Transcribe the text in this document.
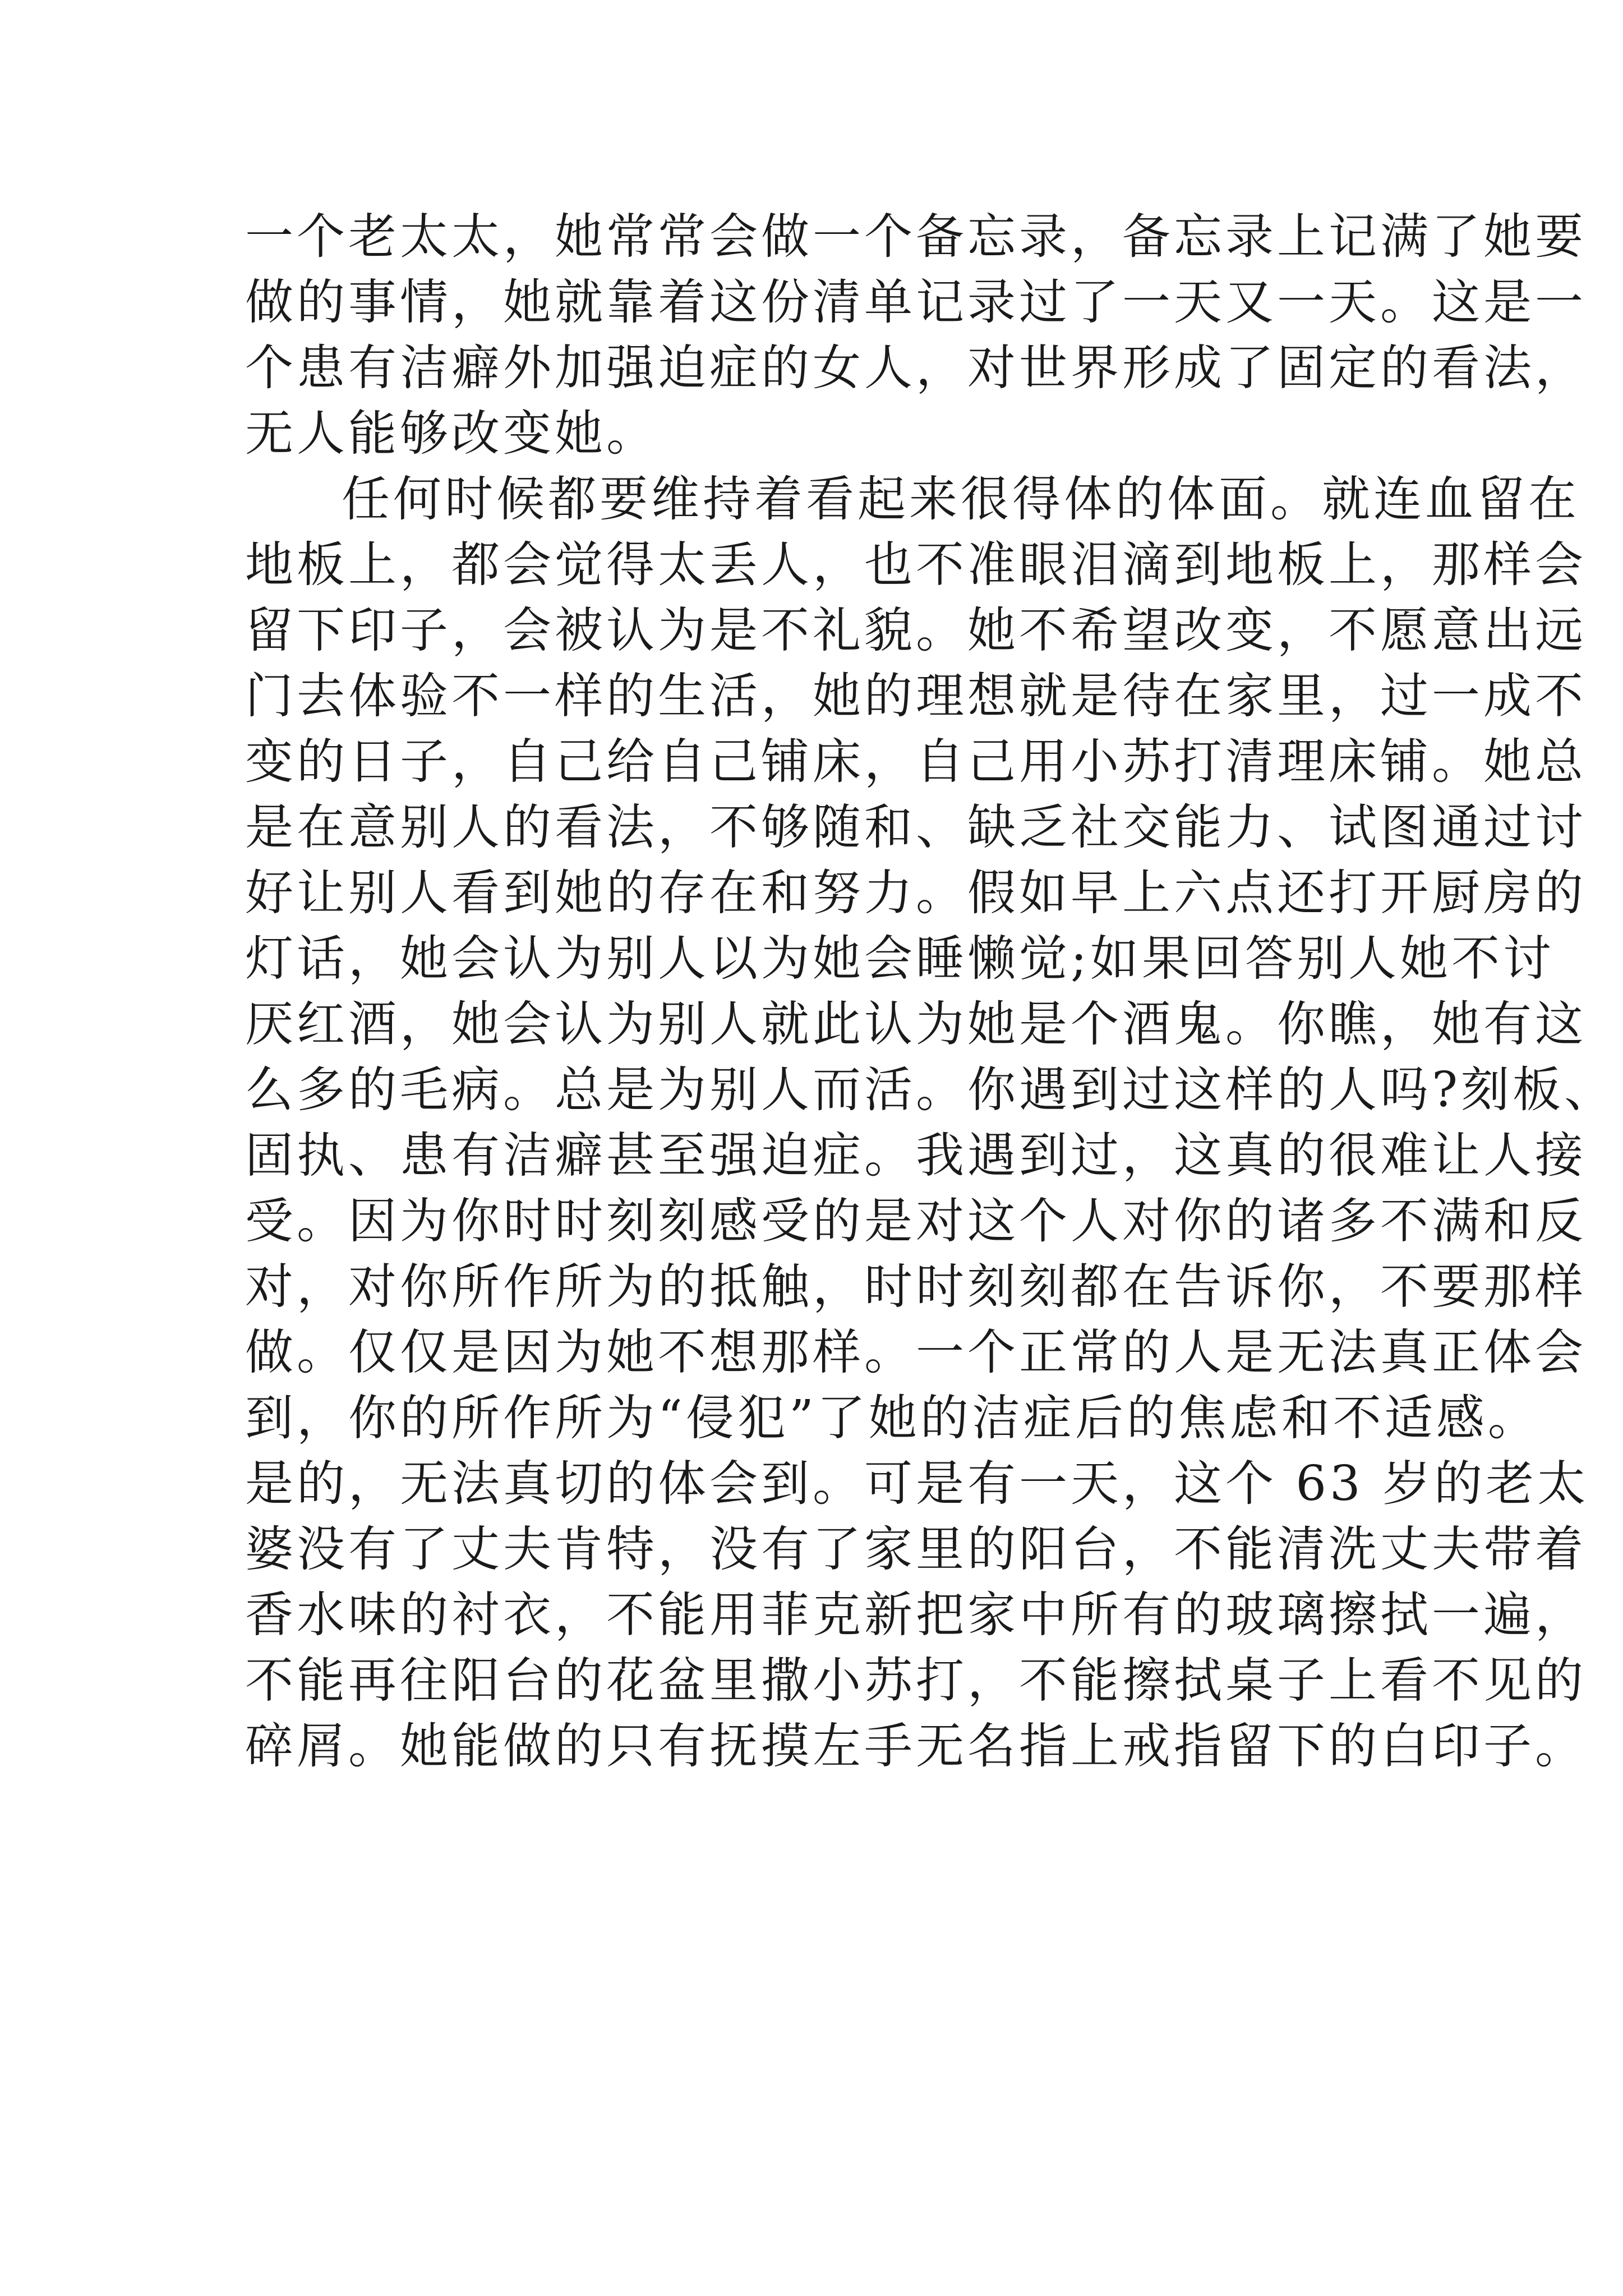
一个老太太，她常常会做一个备忘录，备忘录上记满了她要
做的事情，她就靠着这份清单记录过了一天又一天。这是一
个患有洁癖外加强迫症的女人，对世界形成了固定的看法，
无人能够改变她。
任何时候都要维持着看起来很得体的体面。就连血留在
地板上，都会觉得太丢人，也不准眼泪滴到地板上，那样会
留下印子，会被认为是不礼貌。她不希望改变，不愿意出远
门去体验不一样的生活，她的理想就是待在家里，过一成不
变的日子，自己给自己铺床，自己用小苏打清理床铺。她总
是在意别人的看法，不够随和、缺乏社交能力、试图通过讨
好让别人看到她的存在和努力。假如早上六点还打开厨房的
灯话，她会认为别人以为她会睡懒觉;如果回答别人她不讨
厌红酒，她会认为别人就此认为她是个酒鬼。你瞧，她有这
么多的毛病。总是为别人而活。你遇到过这样的人吗?刻板、
固执、患有洁癖甚至强迫症。我遇到过，这真的很难让人接
受。因为你时时刻刻感受的是对这个人对你的诸多不满和反
对，对你所作所为的抵触，时时刻刻都在告诉你，不要那样
做。仅仅是因为她不想那样。一个正常的人是无法真正体会
到，你的所作所为“侵犯”了她的洁症后的焦虑和不适感。
是的，无法真切的体会到。可是有一天，这个 63 岁的老太
婆没有了丈夫肯特，没有了家里的阳台，不能清洗丈夫带着
香水味的衬衣，不能用菲克新把家中所有的玻璃擦拭一遍，
不能再往阳台的花盆里撒小苏打，不能擦拭桌子上看不见的
碎屑。她能做的只有抚摸左手无名指上戒指留下的白印子。
